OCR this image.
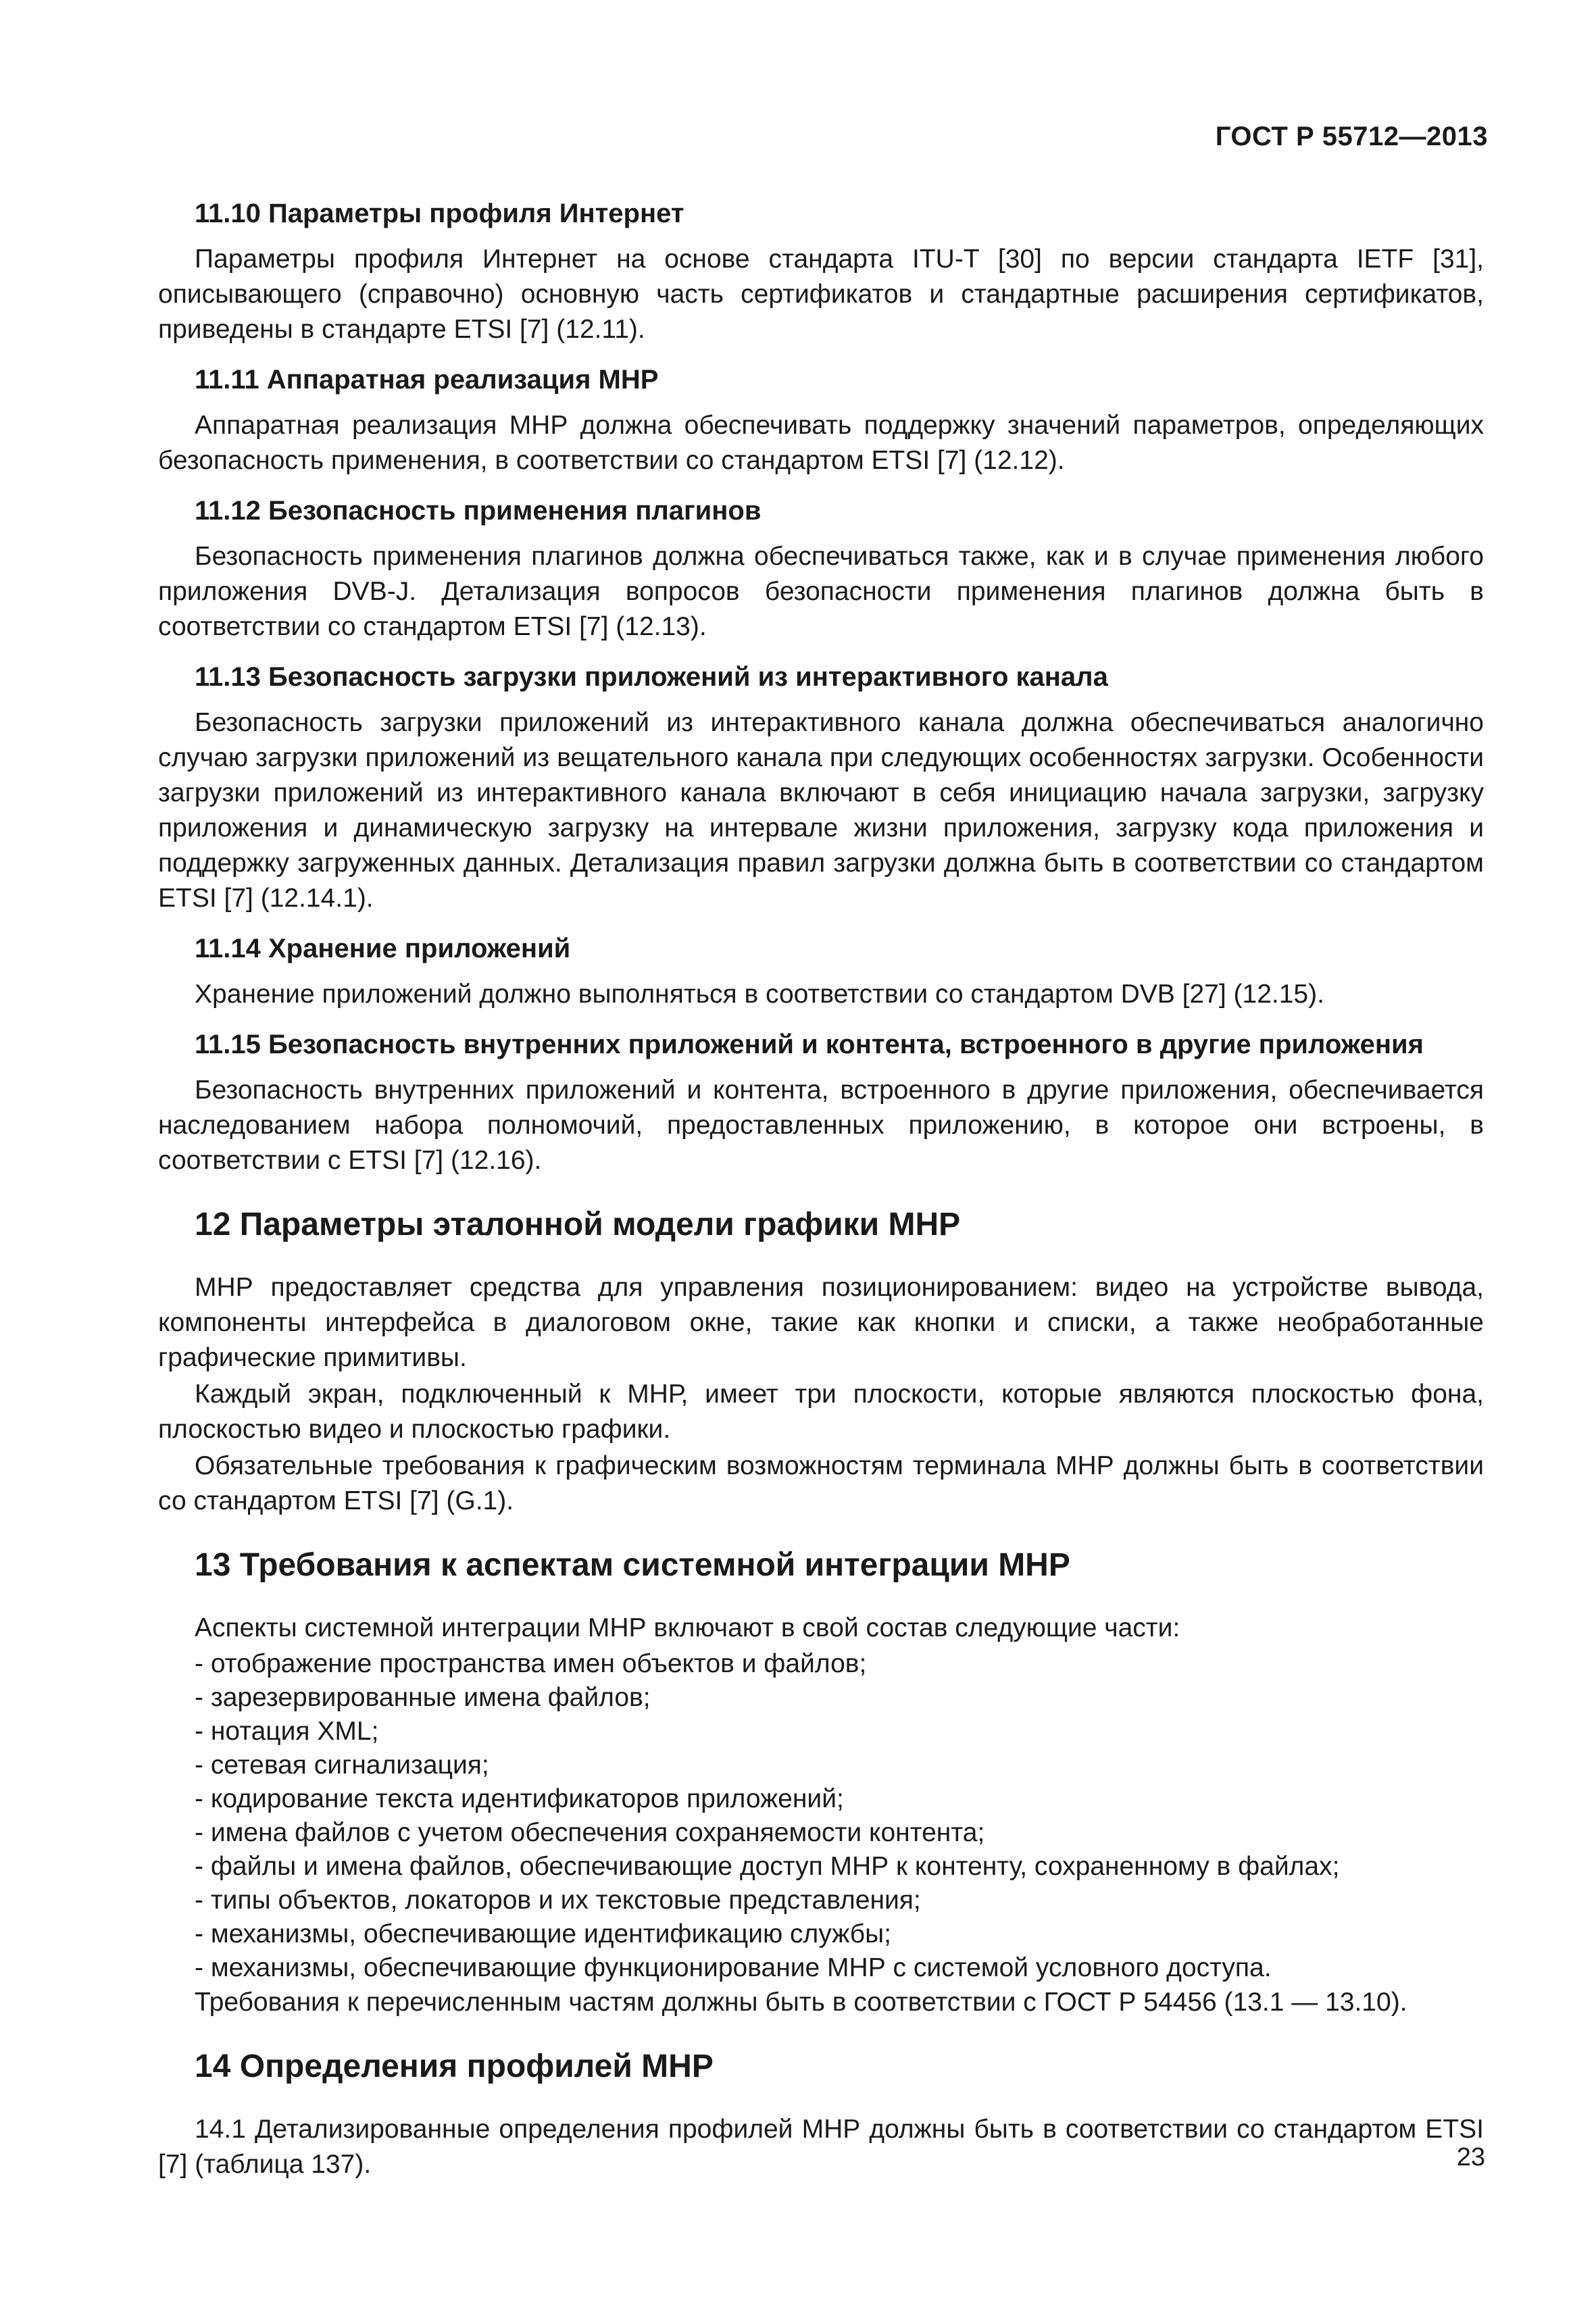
ГОСТ Р 55712—2013
11.10 Параметры профиля Интернет

Параметры профиля Интернет на основе стандарта ITU-T [30] по версии стандарта IETF [31], описывающего (справочно) основную часть сертификатов и стандартные расширения сертификатов, приведены в стандарте ETSI [7] (12.11).

11.11 Аппаратная реализация МНР

Аппаратная реализация МНР должна обеспечивать поддержку значений параметров, определяющих безопасность применения, в соответствии со стандартом ETSI [7] (12.12).

11.12 Безопасность применения плагинов

Безопасность применения плагинов должна обеспечиваться также, как и в случае применения любого приложения DVB-J. Детализация вопросов безопасности применения плагинов должна быть в соответствии со стандартом ETSI [7] (12.13).

11.13 Безопасность загрузки приложений из интерактивного канала

Безопасность загрузки приложений из интерактивного канала должна обеспечиваться аналогично случаю загрузки приложений из вещательного канала при следующих особенностях загрузки. Особенности загрузки приложений из интерактивного канала включают в себя инициацию начала загрузки, загрузку приложения и динамическую загрузку на интервале жизни приложения, загрузку кода приложения и поддержку загруженных данных. Детализация правил загрузки должна быть в соответствии со стандартом ETSI [7] (12.14.1).

11.14 Хранение приложений

Хранение приложений должно выполняться в соответствии со стандартом DVB [27] (12.15).

11.15 Безопасность внутренних приложений и контента, встроенного в другие приложения

Безопасность внутренних приложений и контента, встроенного в другие приложения, обеспечивается наследованием набора полномочий, предоставленных приложению, в которое они встроены, в соответствии с ETSI [7] (12.16).

12 Параметры эталонной модели графики МНР

МНР предоставляет средства для управления позиционированием: видео на устройстве вывода, компоненты интерфейса в диалоговом окне, такие как кнопки и списки, а также необработанные графические примитивы.

Каждый экран, подключенный к МНР, имеет три плоскости, которые являются плоскостью фона, плоскостью видео и плоскостью графики.

Обязательные требования к графическим возможностям терминала МНР должны быть в соответствии со стандартом ETSI [7] (G.1).

13 Требования к аспектам системной интеграции МНР

Аспекты системной интеграции МНР включают в свой состав следующие части:

- отображение пространства имен объектов и файлов;
- зарезервированные имена файлов;
- нотация XML;
- сетевая сигнализация;
- кодирование текста идентификаторов приложений;
- имена файлов с учетом обеспечения сохраняемости контента;
- файлы и имена файлов, обеспечивающие доступ МНР к контенту, сохраненному в файлах;
- типы объектов, локаторов и их текстовые представления;
- механизмы, обеспечивающие идентификацию службы;
- механизмы, обеспечивающие функционирование МНР с системой условного доступа.

Требования к перечисленным частям должны быть в соответствии с ГОСТ Р 54456 (13.1 — 13.10).

14 Определения профилей МНР

14.1 Детализированные определения профилей МНР должны быть в соответствии со стандартом ETSI [7] (таблица 137).	23
